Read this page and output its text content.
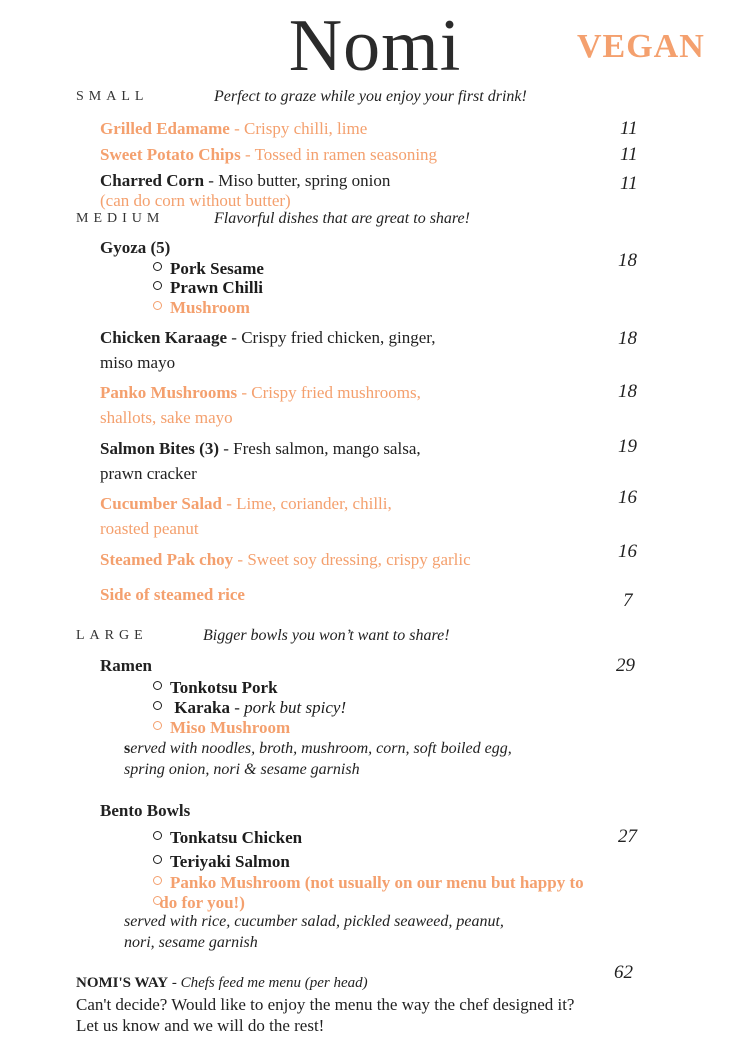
Nomi	VEGAN
SMALL	Perfect to graze while you enjoy your first drink!
Grilled Edamame - Crispy chilli, lime	11
Sweet Potato Chips - Tossed in ramen seasoning	11
Charred Corn - Miso butter, spring onion
(can do corn without butter)
11
MEDIUM	Flavorful dishes that are great to share!
Gyoza (5)
18
Pork Sesame
Prawn Chilli
Mushroom
Chicken Karaage - Crispy fried chicken, ginger,
miso mayo
18
Panko Mushrooms - Crispy fried mushrooms,
shallots, sake mayo
18
Salmon Bites (3) - Fresh salmon, mango salsa,
prawn cracker
19
Cucumber Salad - Lime, coriander, chilli,
roasted peanut
16
Steamed Pak choy - Sweet soy dressing, crispy garlic	16
Side of steamed rice	7
LARGE	Bigger bowls you won’t want to share!
Ramen	29
Tonkotsu Pork
Karaka - pork but spicy!
Miso Mushroom
served with noodles, broth, mushroom, corn, soft boiled egg,
spring onion, nori & sesame garnish
Bento Bowls
27
Tonkatsu Chicken
Teriyaki Salmon
Panko Mushroom (not usually on our menu but happy to
do for you!)
served with rice, cucumber salad, pickled seaweed, peanut,
nori, sesame garnish
NOMI'S WAY - Chefs feed me menu (per head)	62
Can't decide? Would like to enjoy the menu the way the chef designed it?
Let us know and we will do the rest!
